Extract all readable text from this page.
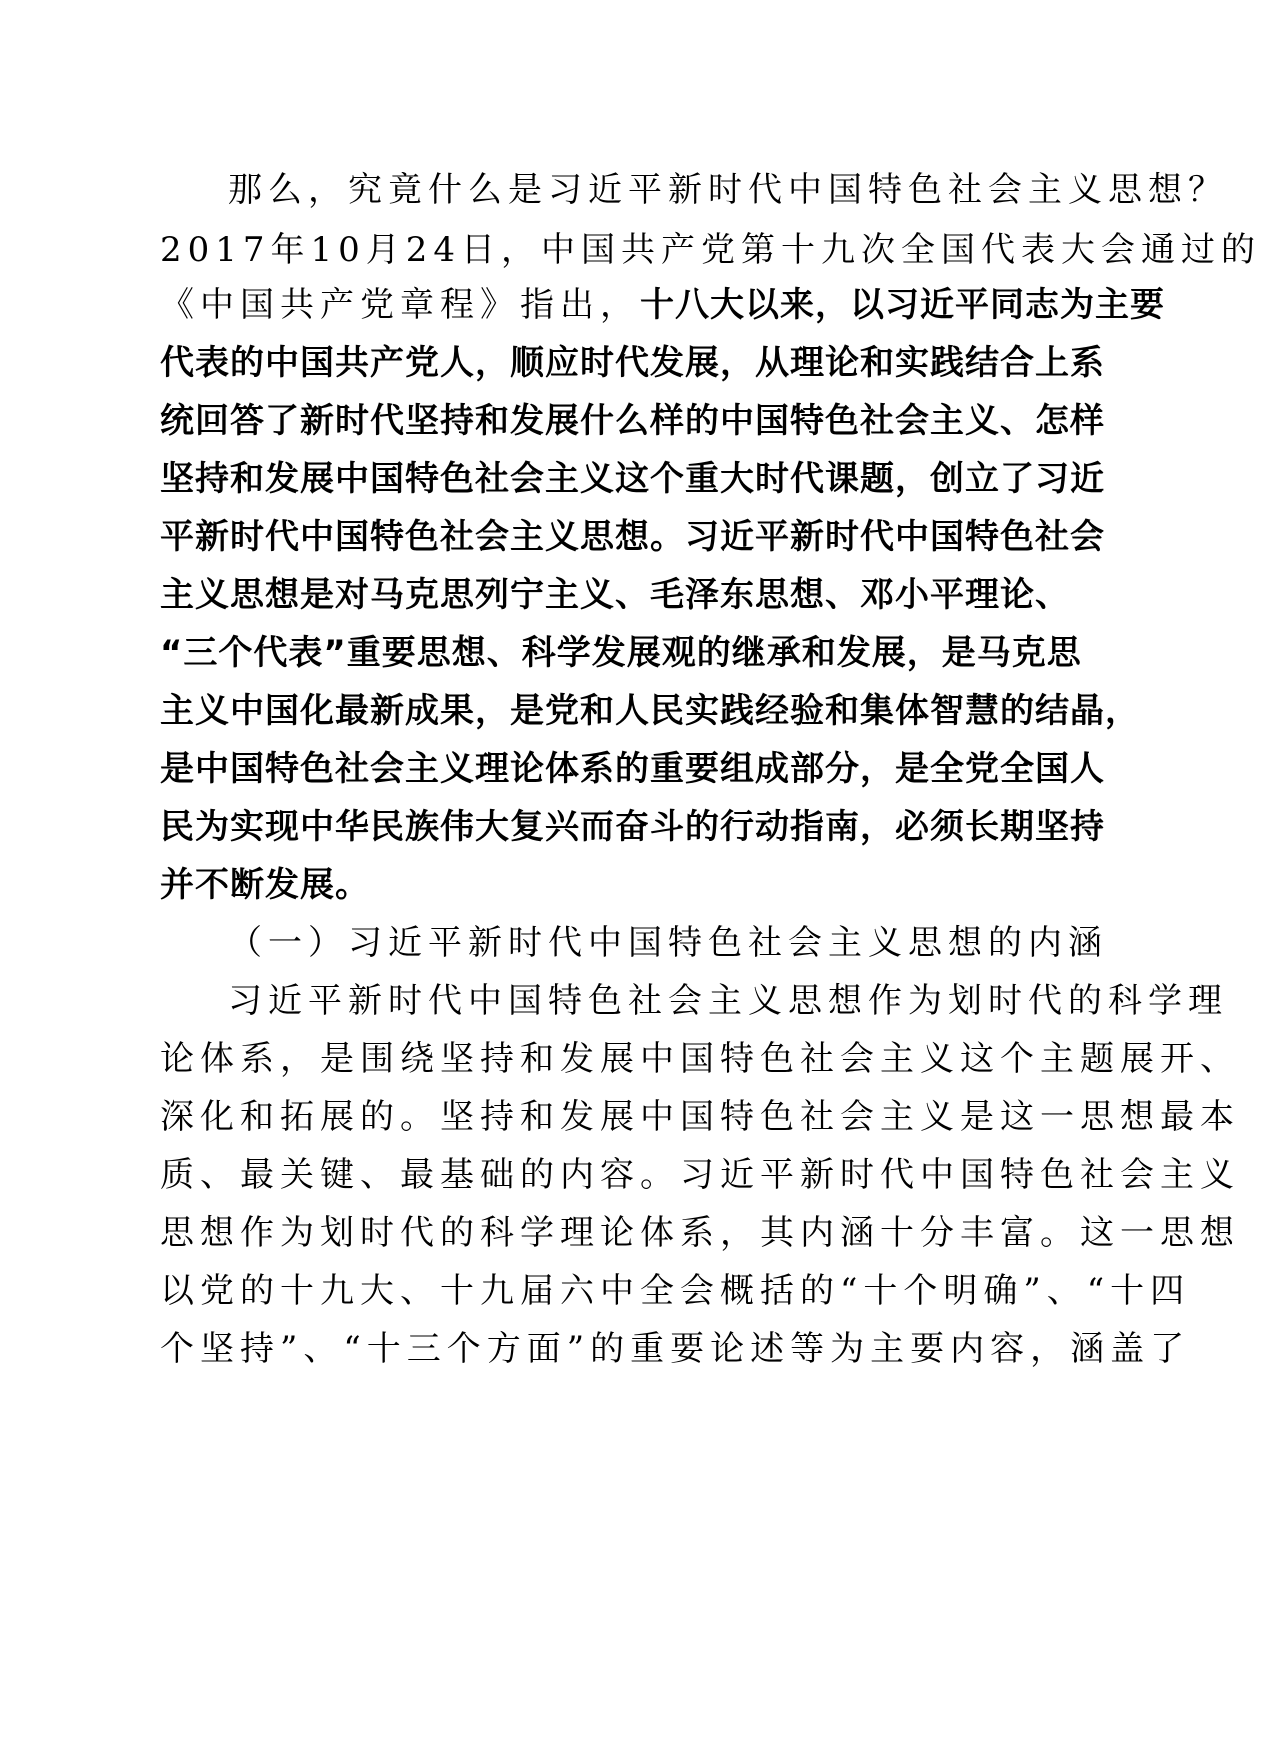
那么，究竟什么是习近平新时代中国特色社会主义思想？
2017年10月24日，中国共产党第十九次全国代表大会通过的
《中国共产党章程》指出，十八大以来，以习近平同志为主要
代表的中国共产党人，顺应时代发展，从理论和实践结合上系
统回答了新时代坚持和发展什么样的中国特色社会主义、怎样
坚持和发展中国特色社会主义这个重大时代课题，创立了习近
平新时代中国特色社会主义思想。习近平新时代中国特色社会
主义思想是对马克思列宁主义、毛泽东思想、邓小平理论、
“三个代表”重要思想、科学发展观的继承和发展，是马克思
主义中国化最新成果，是党和人民实践经验和集体智慧的结晶，
是中国特色社会主义理论体系的重要组成部分，是全党全国人
民为实现中华民族伟大复兴而奋斗的行动指南，必须长期坚持
并不断发展。
（一）习近平新时代中国特色社会主义思想的内涵
习近平新时代中国特色社会主义思想作为划时代的科学理
论体系，是围绕坚持和发展中国特色社会主义这个主题展开、
深化和拓展的。坚持和发展中国特色社会主义是这一思想最本
质、最关键、最基础的内容。习近平新时代中国特色社会主义
思想作为划时代的科学理论体系，其内涵十分丰富。这一思想
以党的十九大、十九届六中全会概括的“十个明确”、“十四
个坚持”、“十三个方面”的重要论述等为主要内容，涵盖了
